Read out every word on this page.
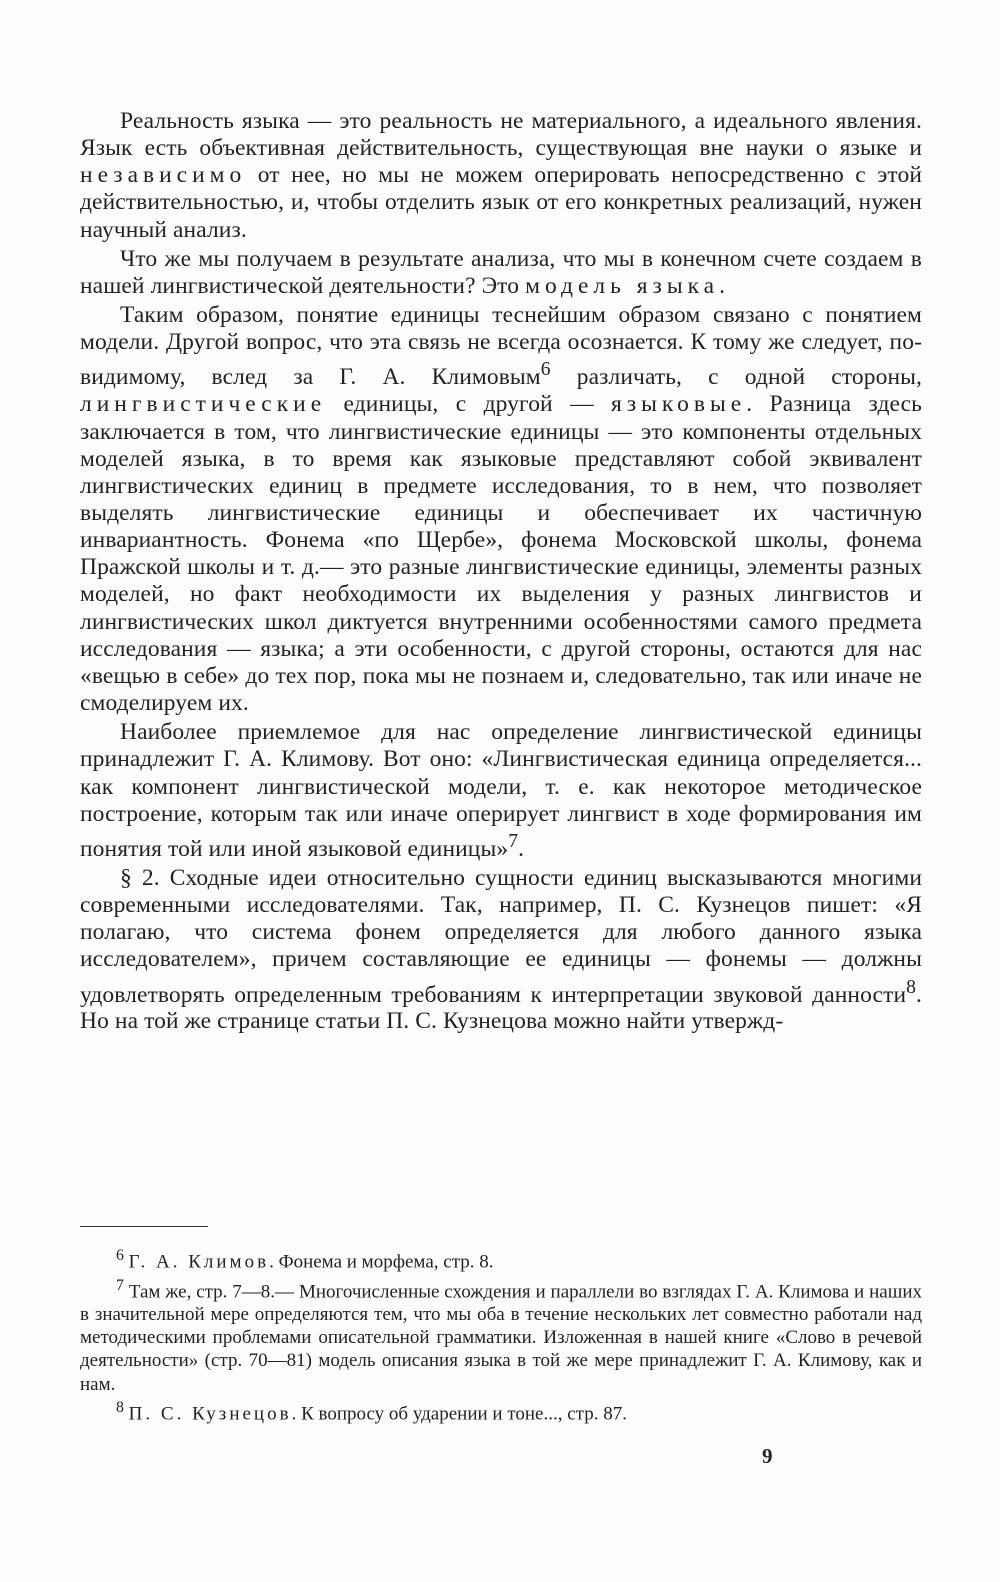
Реальность языка — это реальность не материального, а идеального явления. Язык есть объективная действительность, существующая вне науки о языке и независимо от нее, но мы не можем оперировать непосредственно с этой действительностью, и, чтобы отделить язык от его конкретных реализаций, нужен научный анализ.

Что же мы получаем в результате анализа, что мы в конечном счете создаем в нашей лингвистической деятельности? Это модель языка.

Таким образом, понятие единицы теснейшим образом связано с понятием модели. Другой вопрос, что эта связь не всегда осознается. К тому же следует, по-видимому, вслед за Г. А. Климовым$^6$ различать, с одной стороны, лингвистические единицы, с другой — языковые. Разница здесь заключается в том, что лингвистические единицы — это компоненты отдельных моделей языка, в то время как языковые представляют собой эквивалент лингвистических единиц в предмете исследования, то в нем, что позволяет выделять лингвистические единицы и обеспечивает их частичную инвариантность. Фонема «по Щербе», фонема Московской школы, фонема Пражской школы и т. д.— это разные лингвистические единицы, элементы разных моделей, но факт необходимости их выделения у разных лингвистов и лингвистических школ диктуется внутренними особенностями самого предмета исследования — языка; а эти особенности, с другой стороны, остаются для нас «вещью в себе» до тех пор, пока мы не познаем и, следовательно, так или иначе не смоделируем их.

Наиболее приемлемое для нас определение лингвистической единицы принадлежит Г. А. Климову. Вот оно: «Лингвистическая единица определяется... как компонент лингвистической модели, т. е. как некоторое методическое построение, которым так или иначе оперирует лингвист в ходе формирования им понятия той или иной языковой единицы»$^7$.

§ 2. Сходные идеи относительно сущности единиц высказываются многими современными исследователями. Так, например, П. С. Кузнецов пишет: «Я полагаю, что система фонем определяется для любого данного языка исследователем», причем составляющие ее единицы — фонемы — должны удовлетворять определенным требованиям к интерпретации звуковой данности$^8$. Но на той же странице статьи П. С. Кузнецова можно найти утвержд-

$^6$ Г. А. Климов. Фонема и морфема, стр. 8.

$^7$ Там же, стр. 7—8.— Многочисленные схождения и параллели во взглядах Г. А. Климова и наших в значительной мере определяются тем, что мы оба в течение нескольких лет совместно работали над методическими проблемами описательной грамматики. Изложенная в нашей книге «Слово в речевой деятельности» (стр. 70—81) модель описания языка в той же мере принадлежит Г. А. Климову, как и нам.

$^8$ П. С. Кузнецов. К вопросу об ударении и тоне..., стр. 87.

9
